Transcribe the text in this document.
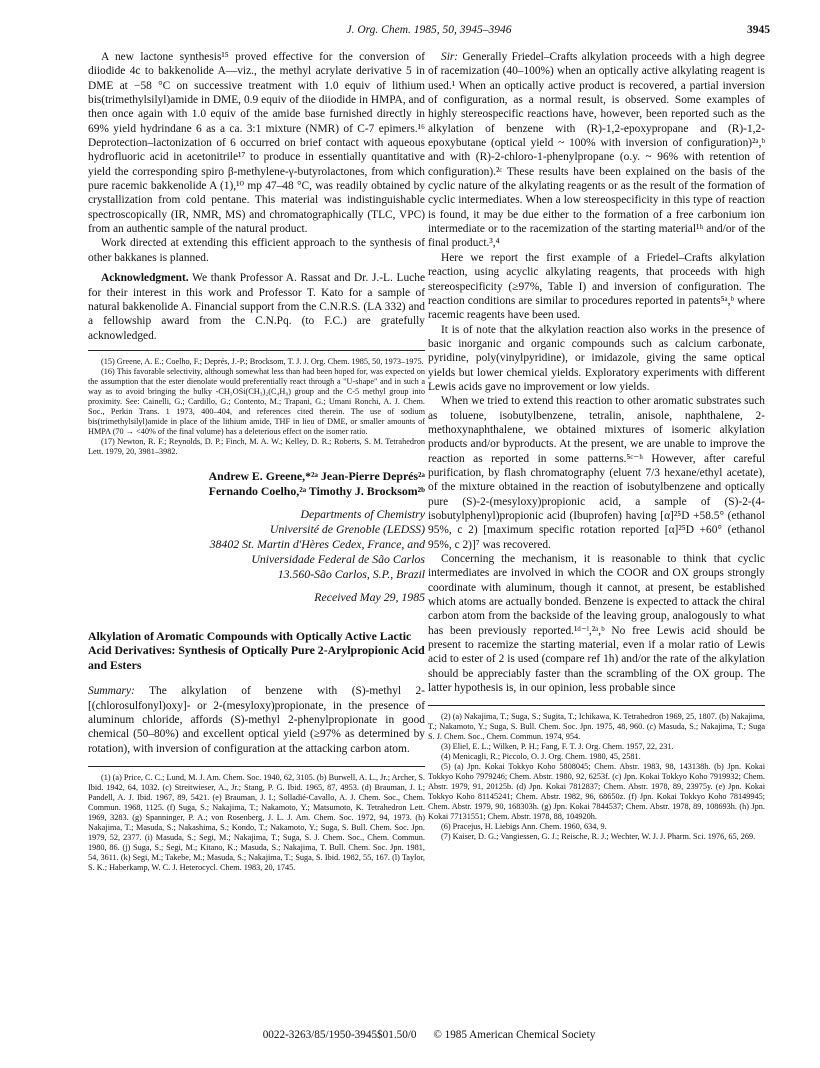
J. Org. Chem. 1985, 50, 3945–3946	3945

A new lactone synthesis¹⁵ proved effective for the conversion of diiodide 4c to bakkenolide A—viz., the methyl acrylate derivative 5 in DME at −58 °C on successive treatment with 1.0 equiv of lithium bis(trimethylsilyl)amide in DME, 0.9 equiv of the diiodide in HMPA, and then once again with 1.0 equiv of the amide base furnished directly in 69% yield hydrindane 6 as a ca. 3:1 mixture (NMR) of C-7 epimers.¹⁶ Deprotection–lactonization of 6 occurred on brief contact with aqueous hydrofluoric acid in acetonitrile¹⁷ to produce in essentially quantitative yield the corresponding spiro β-methylene-γ-butyrolactones, from which pure racemic bakkenolide A (1),¹⁰ mp 47–48 °C, was readily obtained by crystallization from cold pentane. This material was indistinguishable spectroscopically (IR, NMR, MS) and chromatographically (TLC, VPC) from an authentic sample of the natural product.

Work directed at extending this efficient approach to the synthesis of other bakkanes is planned.

Acknowledgment. We thank Professor A. Rassat and Dr. J.-L. Luche for their interest in this work and Professor T. Kato for a sample of natural bakkenolide A. Financial support from the C.N.R.S. (LA 332) and a fellowship award from the C.N.Pq. (to F.C.) are gratefully acknowledged.

(15) Greene, A. E.; Coelho, F.; Deprés, J.-P.; Brocksom, T. J. J. Org. Chem. 1985, 50, 1973–1975.

(16) This favorable selectivity, although somewhat less than had been hoped for, was expected on the assumption that the ester dienolate would preferentially react through a "U-shape" and in such a way as to avoid bringing the bulky -CH₂OSi(CH₃)₂(C₄H₉) group and the C-5 methyl group into proximity. See: Cainelli, G.; Cardillo, G.; Contento, M.; Trapani, G.; Umani Ronchi, A. J. Chem. Soc., Perkin Trans. 1 1973, 400–404, and references cited therein. The use of sodium bis(trimethylsilyl)amide in place of the lithium amide, THF in lieu of DME, or smaller amounts of HMPA (70 → <40% of the final volume) has a deleterious effect on the isomer ratio.

(17) Newton, R. F.; Reynolds, D. P.; Finch, M. A. W.; Kelley, D. R.; Roberts, S. M. Tetrahedron Lett. 1979, 20, 3981–3982.

Andrew E. Greene,*²ᵃ Jean-Pierre Deprés²ᵃ
Fernando Coelho,²ᵃ Timothy J. Brocksom²ᵇ
Departments of Chemistry
Université de Grenoble (LEDSS)
38402 St. Martin d'Hères Cedex, France, and
Universidade Federal de São Carlos
13.560-São Carlos, S.P., Brazil
Received May 29, 1985
Alkylation of Aromatic Compounds with Optically Active Lactic Acid Derivatives: Synthesis of Optically Pure 2-Arylpropionic Acid and Esters

Summary: The alkylation of benzene with (S)-methyl 2-[(chlorosulfonyl)oxy]- or 2-(mesyloxy)propionate, in the presence of aluminum chloride, affords (S)-methyl 2-phenylpropionate in good chemical (50–80%) and excellent optical yield (≥97% as determined by rotation), with inversion of configuration at the attacking carbon atom.

(1) (a) Price, C. C.; Lund, M. J. Am. Chem. Soc. 1940, 62, 3105. (b) Burwell, A. L., Jr.; Archer, S. Ibid. 1942, 64, 1032. (c) Streitwieser, A., Jr.; Stang, P. G. Ibid. 1965, 87, 4953. (d) Brauman, J. I.; Pandell, A. J. Ibid. 1967, 89, 5421. (e) Brauman, J. I.; Solladié-Cavallo, A. J. Chem. Soc., Chem. Commun. 1968, 1125. (f) Suga, S.; Nakajima, T.; Nakamoto, Y.; Matsumoto, K. Tetrahedron Lett. 1969, 3283. (g) Spanninger, P. A.; von Rosenberg, J. L. J. Am. Chem. Soc. 1972, 94, 1973. (h) Nakajima, T.; Masuda, S.; Nakashima, S.; Kondo, T.; Nakamoto, Y.; Suga, S. Bull. Chem. Soc. Jpn. 1979, 52, 2377. (i) Masuda, S.; Segi, M.; Nakajima, T.; Suga, S. J. Chem. Soc., Chem. Commun. 1980, 86. (j) Suga, S.; Segi, M.; Kitano, K.; Masuda, S.; Nakajima, T. Bull. Chem. Soc. Jpn. 1981, 54, 3611. (k) Segi, M.; Takebe, M.; Masuda, S.; Nakajima, T.; Suga, S. Ibid. 1982, 55, 167. (l) Taylor, S. K.; Haberkamp, W. C. J. Heterocycl. Chem. 1983, 20, 1745.

Sir: Generally Friedel–Crafts alkylation proceeds with a high degree of racemization (40–100%) when an optically active alkylating reagent is used.¹ When an optically active product is recovered, a partial inversion of configuration, as a normal result, is observed. Some examples of highly stereospecific reactions have, however, been reported such as the alkylation of benzene with (R)-1,2-epoxypropane and (R)-1,2-epoxybutane (optical yield ~ 100% with inversion of configuration)²ᵃ,ᵇ and with (R)-2-chloro-1-phenylpropane (o.y. ~ 96% with retention of configuration).²ᶜ These results have been explained on the basis of the cyclic nature of the alkylating reagents or as the result of the formation of cyclic intermediates. When a low stereospecificity in this type of reaction is found, it may be due either to the formation of a free carbonium ion intermediate or to the racemization of the starting material¹ʰ and/or of the final product.³,⁴

Here we report the first example of a Friedel–Crafts alkylation reaction, using acyclic alkylating reagents, that proceeds with high stereospecificity (≥97%, Table I) and inversion of configuration. The reaction conditions are similar to procedures reported in patents⁵ᵃ,ᵇ where racemic reagents have been used.

It is of note that the alkylation reaction also works in the presence of basic inorganic and organic compounds such as calcium carbonate, pyridine, poly(vinylpyridine), or imidazole, giving the same optical yields but lower chemical yields. Exploratory experiments with different Lewis acids gave no improvement or low yields.

When we tried to extend this reaction to other aromatic substrates such as toluene, isobutylbenzene, tetralin, anisole, naphthalene, 2-methoxynaphthalene, we obtained mixtures of isomeric alkylation products and/or byproducts. At the present, we are unable to improve the reaction as reported in some patterns.⁵ᶜ⁻ʰ However, after careful purification, by flash chromatography (eluent 7/3 hexane/ethyl acetate), of the mixture obtained in the reaction of isobutylbenzene and optically pure (S)-2-(mesyloxy)propionic acid, a sample of (S)-2-(4-isobutylphenyl)propionic acid (Ibuprofen) having [α]²⁵D +58.5° (ethanol 95%, c 2) [maximum specific rotation reported [α]²⁵D +60° (ethanol 95%, c 2)]⁷ was recovered.

Concerning the mechanism, it is reasonable to think that cyclic intermediates are involved in which the COOR and OX groups strongly coordinate with aluminum, though it cannot, at present, be established which atoms are actually bonded. Benzene is expected to attack the chiral carbon atom from the backside of the leaving group, analogously to what has been previously reported.¹ᵈ⁻ˡ,²ᵃ,ᵇ No free Lewis acid should be present to racemize the starting material, even if a molar ratio of Lewis acid to ester of 2 is used (compare ref 1h) and/or the rate of the alkylation should be appreciably faster than the scrambling of the OX group. The latter hypothesis is, in our opinion, less probable since

(2) (a) Nakajima, T.; Suga, S.; Sugita, T.; Ichikawa, K. Tetrahedron 1969, 25, 1807. (b) Nakajima, T.; Nakamoto, Y.; Suga, S. Bull. Chem. Soc. Jpn. 1975, 48, 960. (c) Masuda, S.; Nakajima, T.; Suga S. J. Chem. Soc., Chem. Commun. 1974, 954.

(3) Eliel, E. L.; Wilken, P. H.; Fang, F. T. J. Org. Chem. 1957, 22, 231.

(4) Menicagli, R.; Piccolo, O. J. Org. Chem. 1980, 45, 2581.

(5) (a) Jpn. Kokai Tokkyo Koho 5808045; Chem. Abstr. 1983, 98, 143138h. (b) Jpn. Kokai Tokkyo Koho 7979246; Chem. Abstr. 1980, 92, 6253f. (c) Jpn. Kokai Tokkyo Koho 7919932; Chem. Abstr. 1979, 91, 20125b. (d) Jpn. Kokai 7812837; Chem. Abstr. 1978, 89, 23975y. (e) Jpn. Kokai Tokkyo Koho 81145241; Chem. Abstr. 1982, 96, 68650z. (f) Jpn. Kokai Tokkyo Koho 78149945; Chem. Abstr. 1979, 90, 168303h. (g) Jpn. Kokai 7844537; Chem. Abstr. 1978, 89, 108693h. (h) Jpn. Kokai 77131551; Chem. Abstr. 1978, 88, 104920h.

(6) Pracejus, H. Liebigs Ann. Chem. 1960, 634, 9.

(7) Kaiser, D. G.; Vangiessen, G. J.; Reische, R. J.; Wechter, W. J. J. Pharm. Sci. 1976, 65, 269.

0022-3263/85/1950-3945$01.50/0 © 1985 American Chemical Society
